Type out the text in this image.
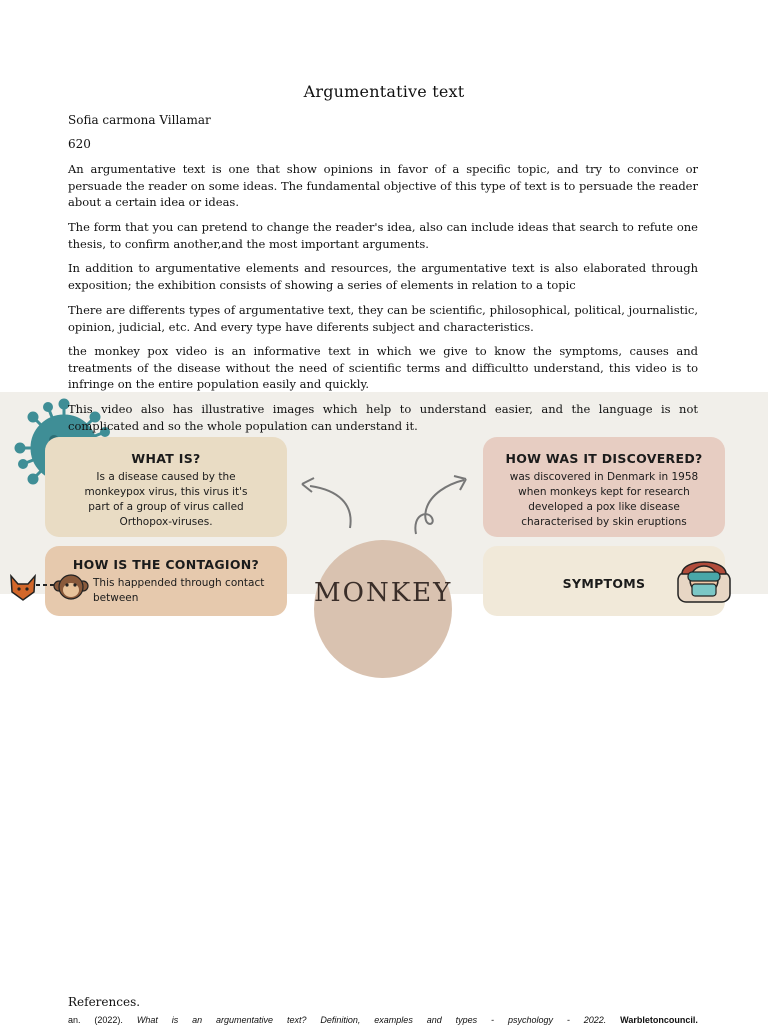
Argumentative text
Sofia carmona Villamar
620

An argumentative text is one that show opinions in favor of a specific topic, and try to convince or persuade the reader on some ideas. The fundamental objective of this type of text is to persuade the reader about a certain idea or ideas.

The form that you can pretend to change the reader's idea, also can include ideas that search to refute one thesis, to confirm another,and the most important arguments.

In addition to argumentative elements and resources, the argumentative text is also elaborated through exposition; the exhibition consists of showing a series of elements in relation to a topic

There are differents types of argumentative text, they can be scientific, philosophical, political, journalistic, opinion, judicial, etc. And every type have diferents subject and characteristics.

the monkey pox video is an informative text in which we give to know the symptoms, causes and treatments of the disease without the need of scientific terms and difficultto understand, this video is to infringe on the entire population easily and quickly.

This video also has illustrative images which help to understand easier, and the language is not complicated and so the whole population can understand it.

WHAT IS?
Is a disease caused by the
monkeypox virus, this virus it's
part of a group of virus called
Orthopox-viruses.
HOW WAS IT DISCOVERED?
was discovered in Denmark in 1958
when monkeys kept for research
developed a pox like disease
characterised by skin eruptions
HOW IS THE CONTAGION?
This happended through contact between	MONKEY	SYMPTOMS
References.
an. (2022). What is an argumentative text? Definition, examples and types - psychology - 2022. Warbletoncouncil.
